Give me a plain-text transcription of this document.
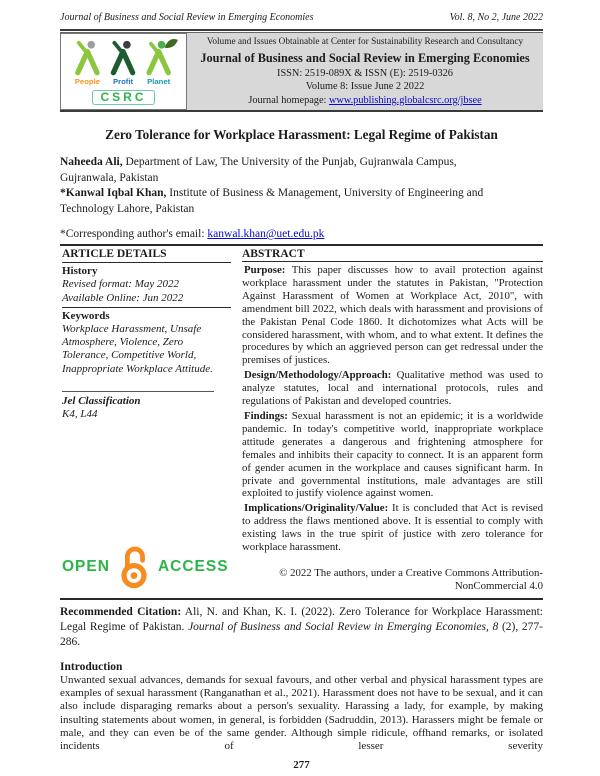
Journal of Business and Social Review in Emerging Economies	Vol. 8, No 2, June 2022
People Profit Planet
CSRC
Volume and Issues Obtainable at Center for Sustainability Research and Consultancy
Journal of Business and Social Review in Emerging Economies
ISSN: 2519-089X & ISSN (E): 2519-0326
Volume 8: Issue June 2 2022
Journal homepage: www.publishing.globalcsrc.org/jbsee
Zero Tolerance for Workplace Harassment: Legal Regime of Pakistan
Naheeda Ali, Department of Law, The University of the Punjab, Gujranwala Campus,
Gujranwala, Pakistan
*Kanwal Iqbal Khan, Institute of Business & Management, University of Engineering and
Technology Lahore, Pakistan
*Corresponding author's email: kanwal.khan@uet.edu.pk
ARTICLE DETAILS
History
Revised format: May 2022
Available Online: Jun 2022
Keywords
Workplace Harassment, Unsafe Atmosphere, Violence, Zero Tolerance, Competitive World, Inappropriate Workplace Attitude.
Jel Classification
K4, L44
OPEN	ACCESS
ABSTRACT

Purpose: This paper discusses how to avail protection against workplace harassment under the statutes in Pakistan, "Protection Against Harassment of Women at Workplace Act, 2010", with amendment bill 2022, which deals with harassment and provisions of the Pakistan Penal Code 1860. It dichotomizes what Acts will be considered harassment, with whom, and to what extent. It defines the procedures by which an aggrieved person can get redressal under the premises of justices.

Design/Methodology/Approach: Qualitative method was used to analyze statutes, local and international protocols, rules and regulations of Pakistan and developed countries.

Findings: Sexual harassment is not an epidemic; it is a worldwide pandemic. In today's competitive world, inappropriate workplace attitude generates a dangerous and frightening atmosphere for females and inhibits their capacity to connect. It is an apparent form of gender acumen in the workplace and causes significant harm. In private and governmental institutions, male advantages are still exploited to justify violence against women.

Implications/Originality/Value: It is concluded that Act is revised to address the flaws mentioned above. It is essential to comply with existing laws in the true spirit of justice with zero tolerance for workplace harassment.

© 2022 The authors, under a Creative Commons Attribution-
NonCommercial 4.0

Recommended Citation: Ali, N. and Khan, K. I. (2022). Zero Tolerance for Workplace Harassment: Legal Regime of Pakistan. Journal of Business and Social Review in Emerging Economies, 8 (2), 277-286.

Introduction

Unwanted sexual advances, demands for sexual favours, and other verbal and physical harassment types are examples of sexual harassment (Ranganathan et al., 2021). Harassment does not have to be sexual, and it can also include disparaging remarks about a person's sexuality. Harassing a lady, for example, by making insulting statements about women, in general, is forbidden (Sadruddin, 2013). Harassers might be female or male, and they can even be of the same gender. Although simple ridicule, offhand remarks, or isolated incidents of lesser severity

277
